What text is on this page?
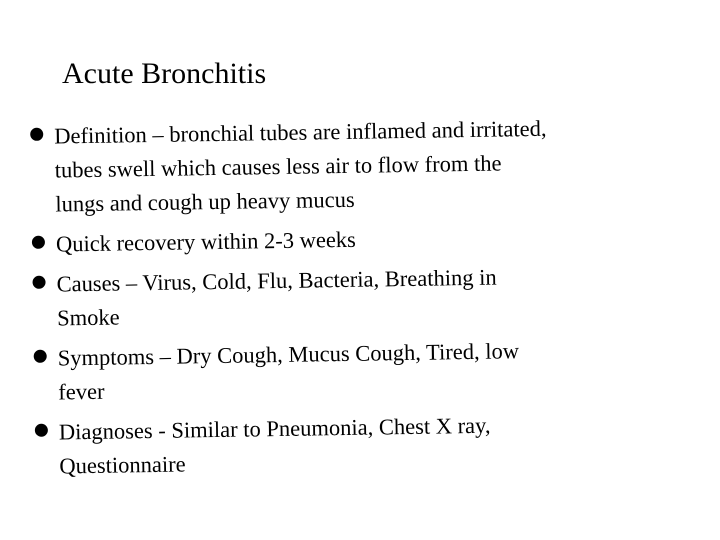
Acute Bronchitis
Definition – bronchial tubes are inflamed and irritated,
tubes swell which causes less air to flow from the
lungs and cough up heavy mucus
Quick recovery within 2-3 weeks
Causes – Virus, Cold, Flu, Bacteria, Breathing in
Smoke
Symptoms – Dry Cough, Mucus Cough, Tired, low
fever
Diagnoses - Similar to Pneumonia, Chest X ray,
Questionnaire
